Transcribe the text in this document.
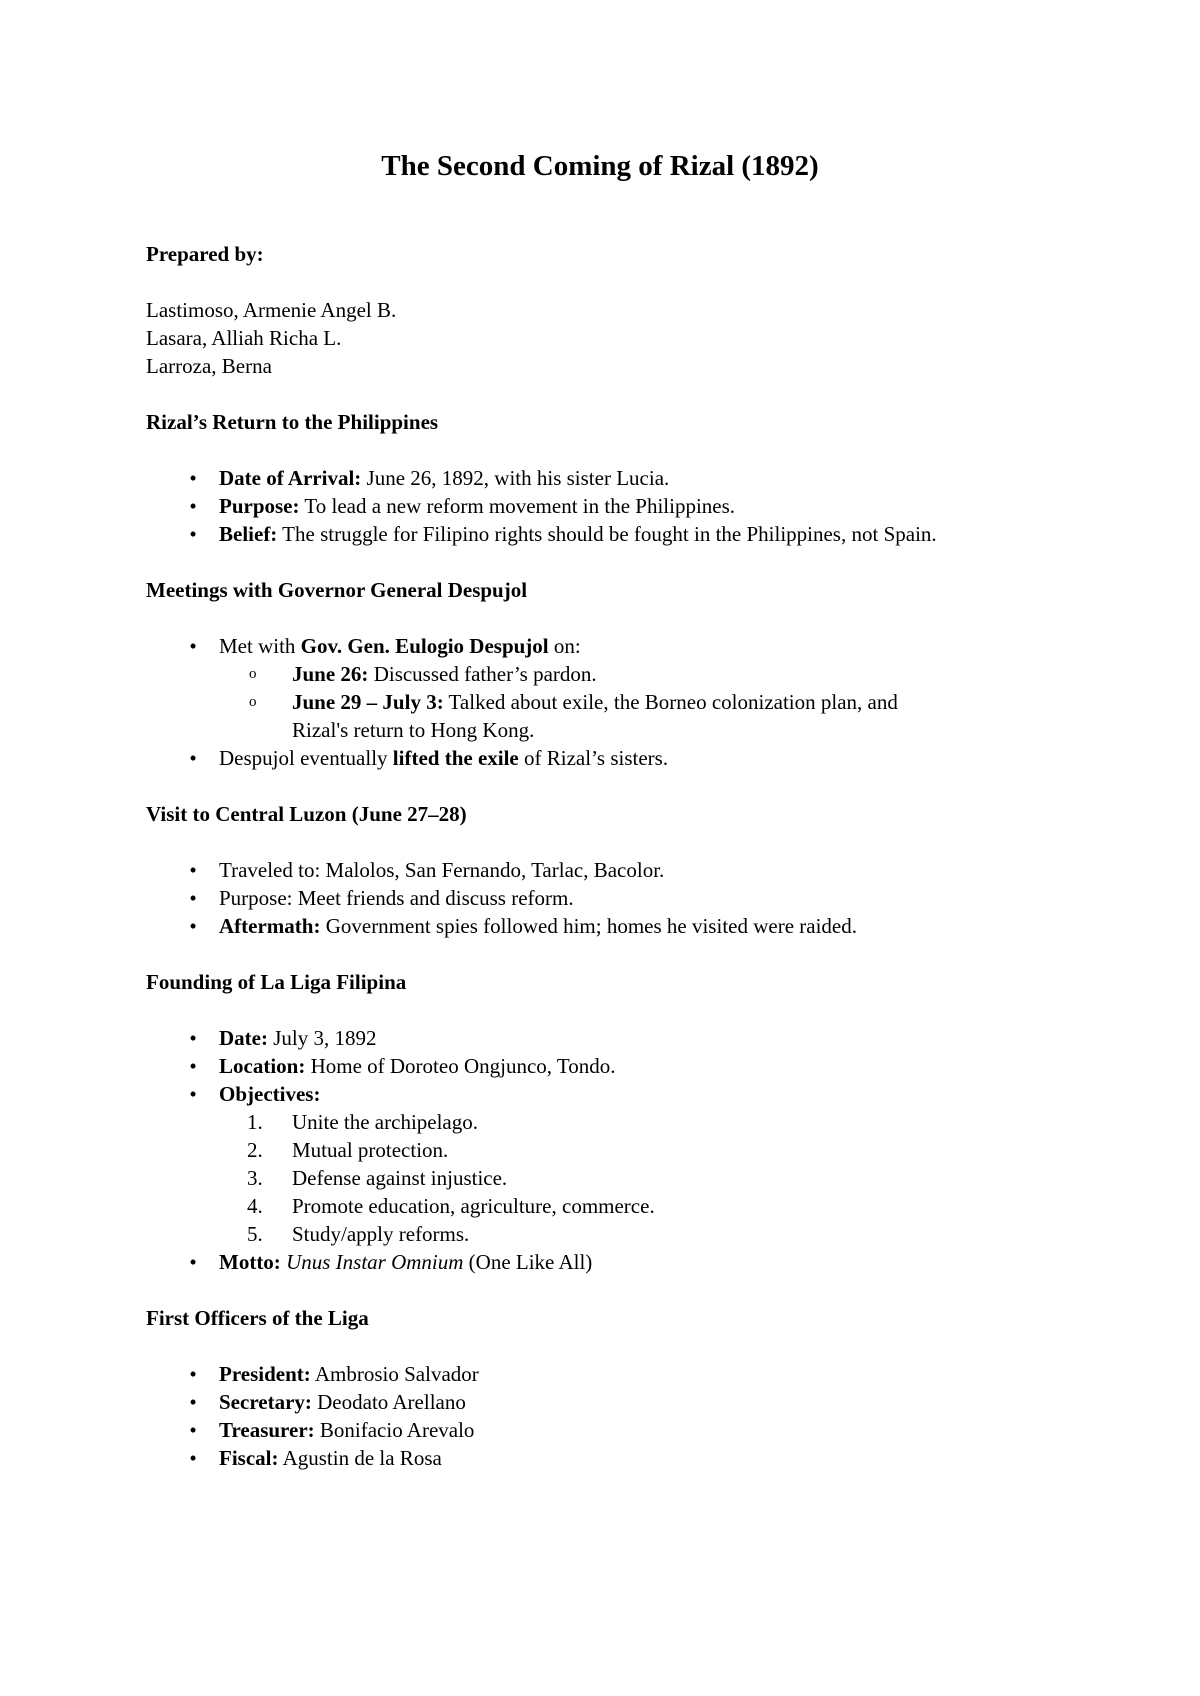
The Second Coming of Rizal (1892)

Prepared by:

Lastimoso, Armenie Angel B.

Lasara, Alliah Richa L.

Larroza, Berna

Rizal’s Return to the Philippines

• Date of Arrival: June 26, 1892, with his sister Lucia.
• Purpose: To lead a new reform movement in the Philippines.
• Belief: The struggle for Filipino rights should be fought in the Philippines, not Spain.

Meetings with Governor General Despujol

• Met with Gov. Gen. Eulogio Despujol on:
o June 26: Discussed father’s pardon.
o June 29 – July 3: Talked about exile, the Borneo colonization plan, and Rizal's return to Hong Kong.
• Despujol eventually lifted the exile of Rizal’s sisters.

Visit to Central Luzon (June 27–28)

• Traveled to: Malolos, San Fernando, Tarlac, Bacolor.
• Purpose: Meet friends and discuss reform.
• Aftermath: Government spies followed him; homes he visited were raided.

Founding of La Liga Filipina

• Date: July 3, 1892
• Location: Home of Doroteo Ongjunco, Tondo.
• Objectives:
1. Unite the archipelago.
2. Mutual protection.
3. Defense against injustice.
4. Promote education, agriculture, commerce.
5. Study/apply reforms.
• Motto: Unus Instar Omnium (One Like All)

First Officers of the Liga

• President: Ambrosio Salvador
• Secretary: Deodato Arellano
• Treasurer: Bonifacio Arevalo
• Fiscal: Agustin de la Rosa
